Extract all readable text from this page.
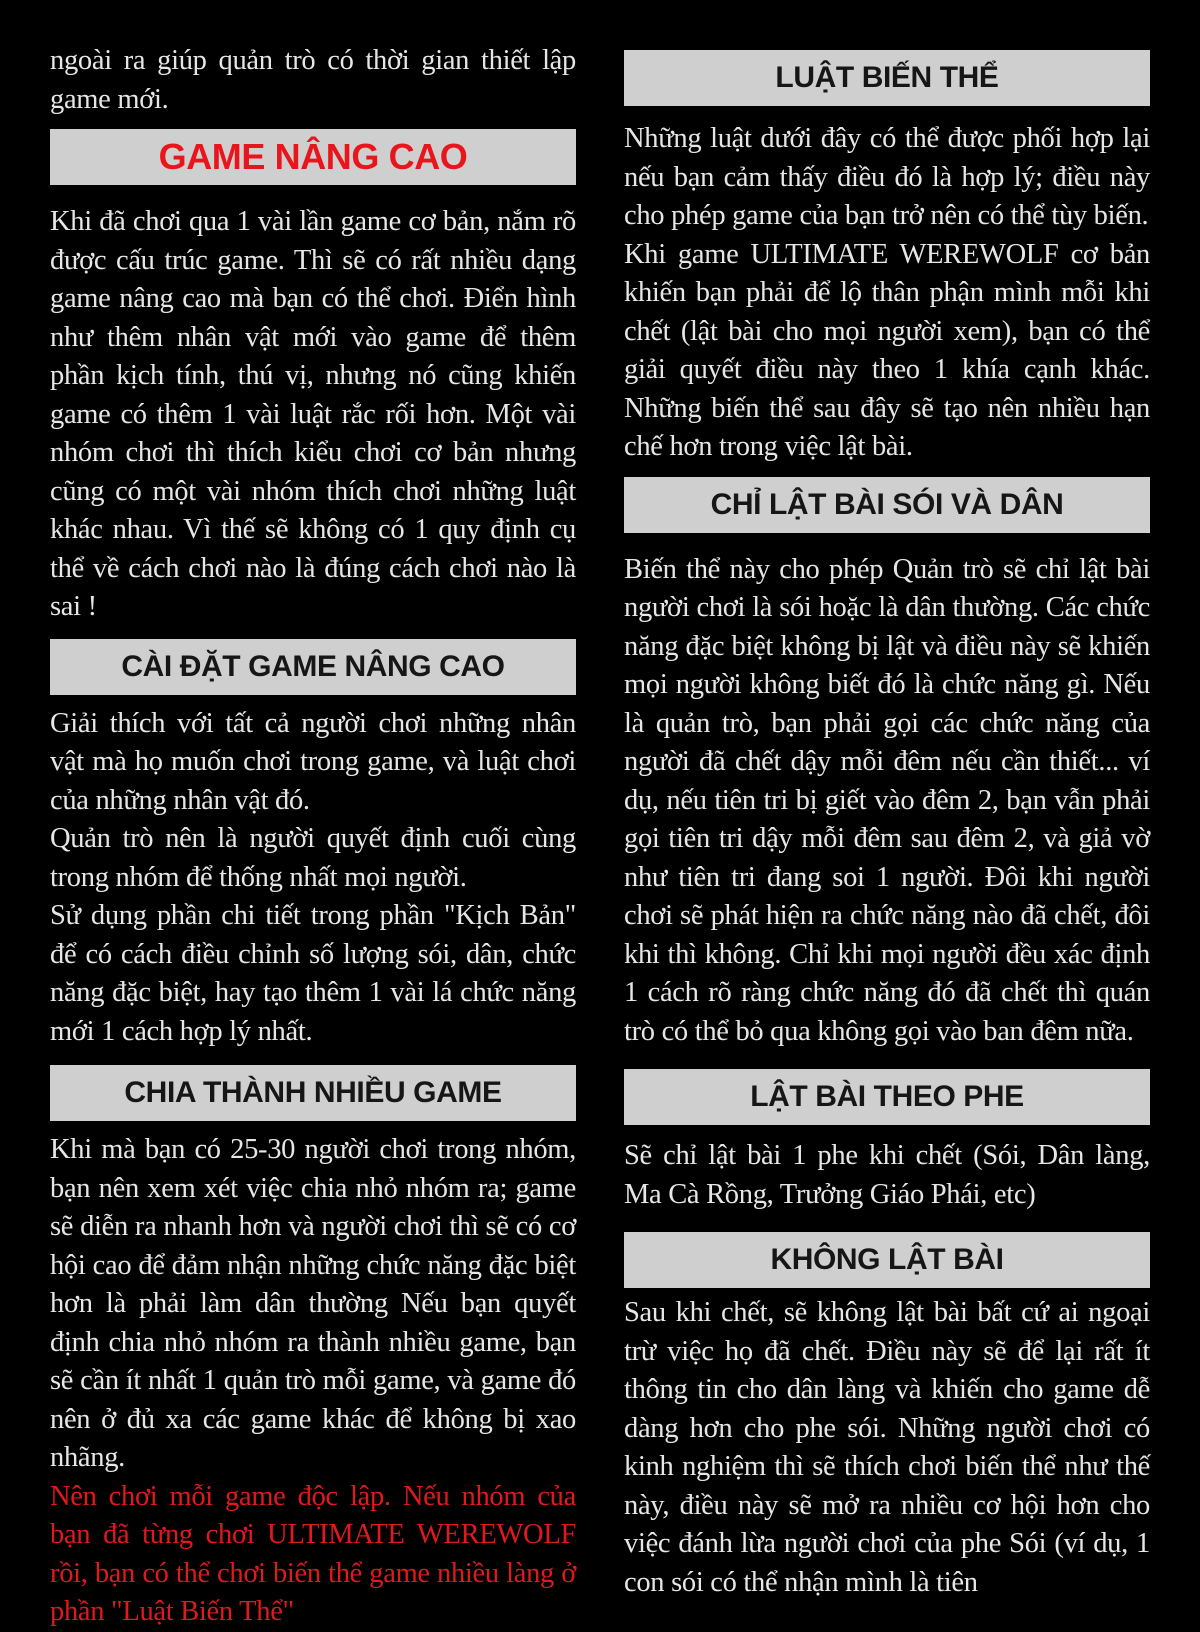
ngoài ra giúp quản trò có thời gian thiết lập game mới.

GAME NÂNG CAO

Khi đã chơi qua 1 vài lần game cơ bản, nắm rõ được cấu trúc game. Thì sẽ có rất nhiều dạng game nâng cao mà bạn có thể chơi. Điển hình như thêm nhân vật mới vào game để thêm phần kịch tính, thú vị, nhưng nó cũng khiến game có thêm 1 vài luật rắc rối hơn. Một vài nhóm chơi thì thích kiểu chơi cơ bản nhưng cũng có một vài nhóm thích chơi những luật khác nhau. Vì thế sẽ không có 1 quy định cụ thể về cách chơi nào là đúng cách chơi nào là sai !

CÀI ĐẶT GAME NÂNG CAO

Giải thích với tất cả người chơi những nhân vật mà họ muốn chơi trong game, và luật chơi của những nhân vật đó.

Quản trò nên là người quyết định cuối cùng trong nhóm để thống nhất mọi người.

Sử dụng phần chi tiết trong phần "Kịch Bản" để có cách điều chỉnh số lượng sói, dân, chức năng đặc biệt, hay tạo thêm 1 vài lá chức năng mới 1 cách hợp lý nhất.

CHIA THÀNH NHIỀU GAME

Khi mà bạn có 25-30 người chơi trong nhóm, bạn nên xem xét việc chia nhỏ nhóm ra; game sẽ diễn ra nhanh hơn và người chơi thì sẽ có cơ hội cao để đảm nhận những chức năng đặc biệt hơn là phải làm dân thường Nếu bạn quyết định chia nhỏ nhóm ra thành nhiều game, bạn sẽ cần ít nhất 1 quản trò mỗi game, và game đó nên ở đủ xa các game khác để không bị xao nhãng.

Nên chơi mỗi game độc lập. Nếu nhóm của bạn đã từng chơi ULTIMATE WEREWOLF rồi, bạn có thể chơi biến thể game nhiều làng ở phần "Luật Biến Thể"

LUẬT BIẾN THỂ

Những luật dưới đây có thể được phối hợp lại nếu bạn cảm thấy điều đó là hợp lý; điều này cho phép game của bạn trở nên có thể tùy biến.

Khi game ULTIMATE WEREWOLF cơ bản khiến bạn phải để lộ thân phận mình mỗi khi chết (lật bài cho mọi người xem), bạn có thể giải quyết điều này theo 1 khía cạnh khác. Những biến thể sau đây sẽ tạo nên nhiều hạn chế hơn trong việc lật bài.

CHỈ LẬT BÀI SÓI VÀ DÂN

Biến thể này cho phép Quản trò sẽ chỉ lật bài người chơi là sói hoặc là dân thường. Các chức năng đặc biệt không bị lật và điều này sẽ khiến mọi người không biết đó là chức năng gì. Nếu là quản trò, bạn phải gọi các chức năng của người đã chết dậy mỗi đêm nếu cần thiết... ví dụ, nếu tiên tri bị giết vào đêm 2, bạn vẫn phải gọi tiên tri dậy mỗi đêm sau đêm 2, và giả vờ như tiên tri đang soi 1 người. Đôi khi người chơi sẽ phát hiện ra chức năng nào đã chết, đôi khi thì không. Chỉ khi mọi người đều xác định 1 cách rõ ràng chức năng đó đã chết thì quán trò có thể bỏ qua không gọi vào ban đêm nữa.

LẬT BÀI THEO PHE

Sẽ chỉ lật bài 1 phe khi chết (Sói, Dân làng, Ma Cà Rồng, Trưởng Giáo Phái, etc)

KHÔNG LẬT BÀI

Sau khi chết, sẽ không lật bài bất cứ ai ngoại trừ việc họ đã chết. Điều này sẽ để lại rất ít thông tin cho dân làng và khiến cho game dễ dàng hơn cho phe sói. Những người chơi có kinh nghiệm thì sẽ thích chơi biến thể như thế này, điều này sẽ mở ra nhiều cơ hội hơn cho việc đánh lừa người chơi của phe Sói (ví dụ, 1 con sói có thể nhận mình là tiên
